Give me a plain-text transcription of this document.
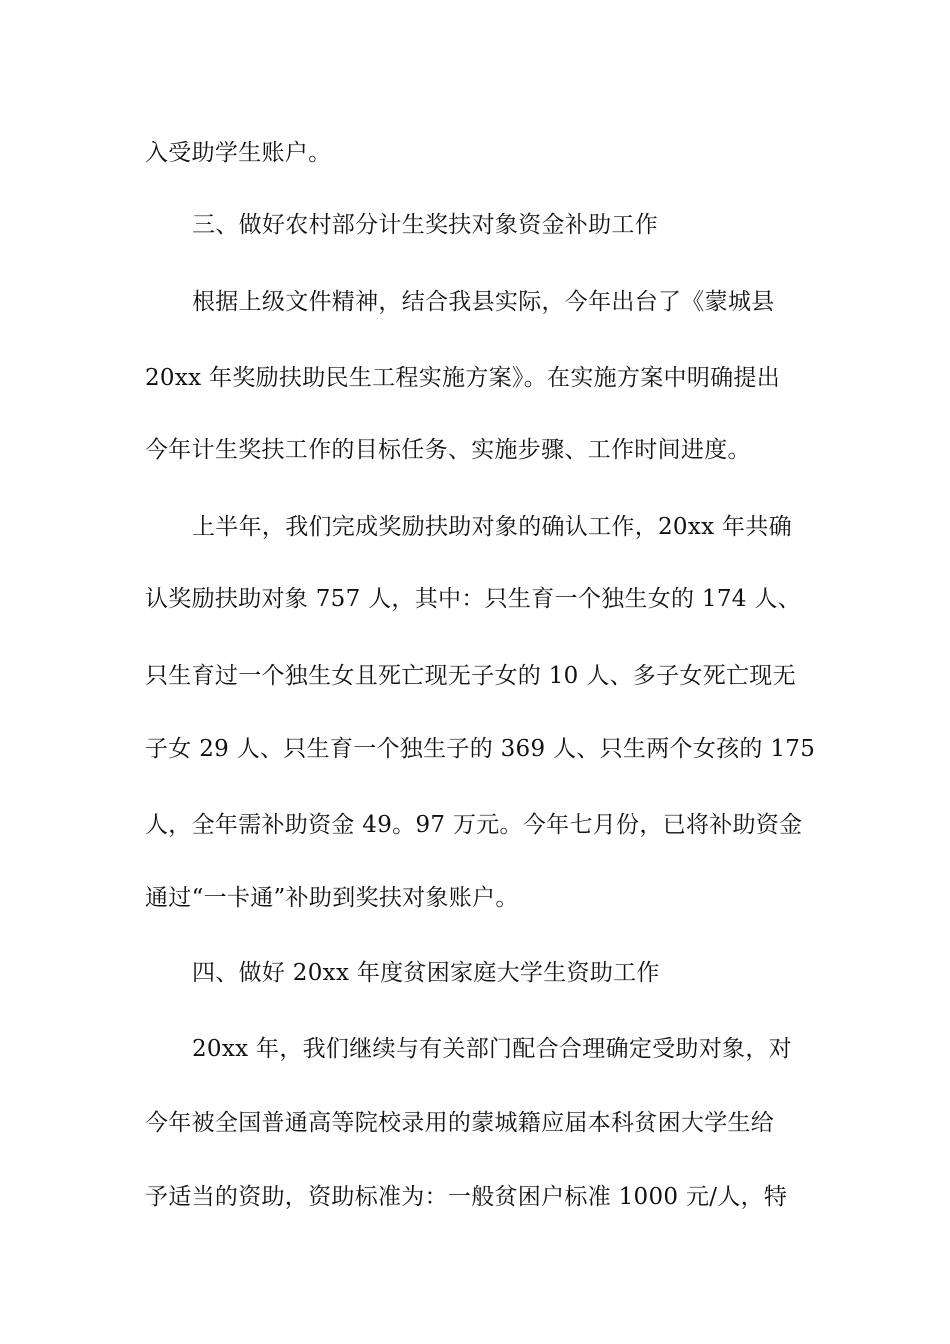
入受助学生账户。
三、做好农村部分计生奖扶对象资金补助工作
根据上级文件精神，结合我县实际，今年出台了《蒙城县
20xx 年奖励扶助民生工程实施方案》。在实施方案中明确提出
今年计生奖扶工作的目标任务、实施步骤、工作时间进度。
上半年，我们完成奖励扶助对象的确认工作，20xx 年共确
认奖励扶助对象 757 人，其中：只生育一个独生女的 174 人、
只生育过一个独生女且死亡现无子女的 10 人、多子女死亡现无
子女 29 人、只生育一个独生子的 369 人、只生两个女孩的 175
人，全年需补助资金 49。97 万元。今年七月份，已将补助资金
通过“一卡通”补助到奖扶对象账户。
四、做好 20xx 年度贫困家庭大学生资助工作
20xx 年，我们继续与有关部门配合合理确定受助对象，对
今年被全国普通高等院校录用的蒙城籍应届本科贫困大学生给
予适当的资助，资助标准为：一般贫困户标准 1000 元/人，特
